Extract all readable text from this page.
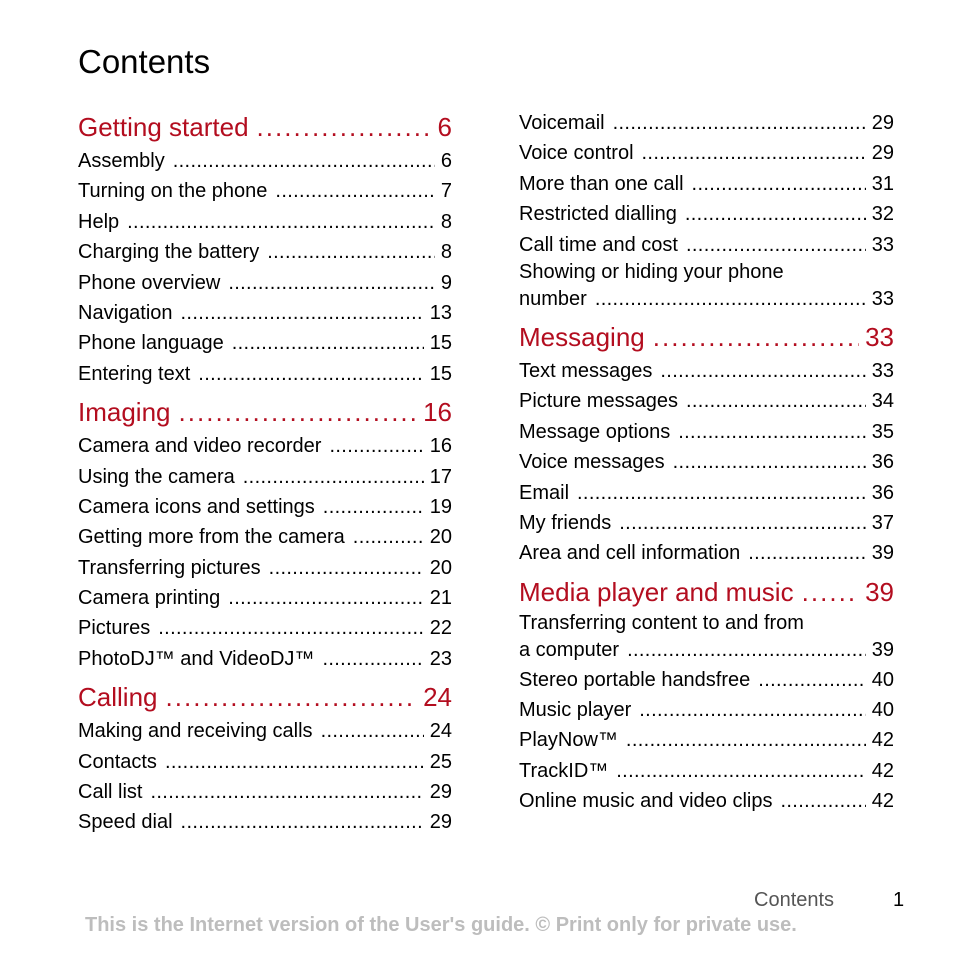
Contents
Getting started . . .	6
Assembly . . .	6
Turning on the phone . . .	7
Help . . .	8
Charging the battery . . .	8
Phone overview . . .	9
Navigation . . .	13
Phone language . . .	15
Entering text . . .	15
Imaging . . .	16
Camera and video recorder . . .	16
Using the camera . . .	17
Camera icons and settings . . .	19
Getting more from the camera . . .	20
Transferring pictures . . .	20
Camera printing . . .	21
Pictures . . .	22
PhotoDJ™ and VideoDJ™ . . .	23
Calling . . .	24
Making and receiving calls . . .	24
Contacts . . .	25
Call list . . .	29
Speed dial . . .	29
Voicemail . . .	29
Voice control . . .	29
More than one call . . .	31
Restricted dialling . . .	32
Call time and cost . . .	33
Showing or hiding your phone
number . . .	33
Messaging . . .	33
Text messages . . .	33
Picture messages . . .	34
Message options . . .	35
Voice messages . . .	36
Email . . .	36
My friends . . .	37
Area and cell information . . .	39
Media player and music . . .	39
Transferring content to and from
a computer . . .	39
Stereo portable handsfree . . .	40
Music player . . .	40
PlayNow™ . . .	42
TrackID™ . . .	42
Online music and video clips . . .	42
Contents	1
This is the Internet version of the User's guide. © Print only for private use.
